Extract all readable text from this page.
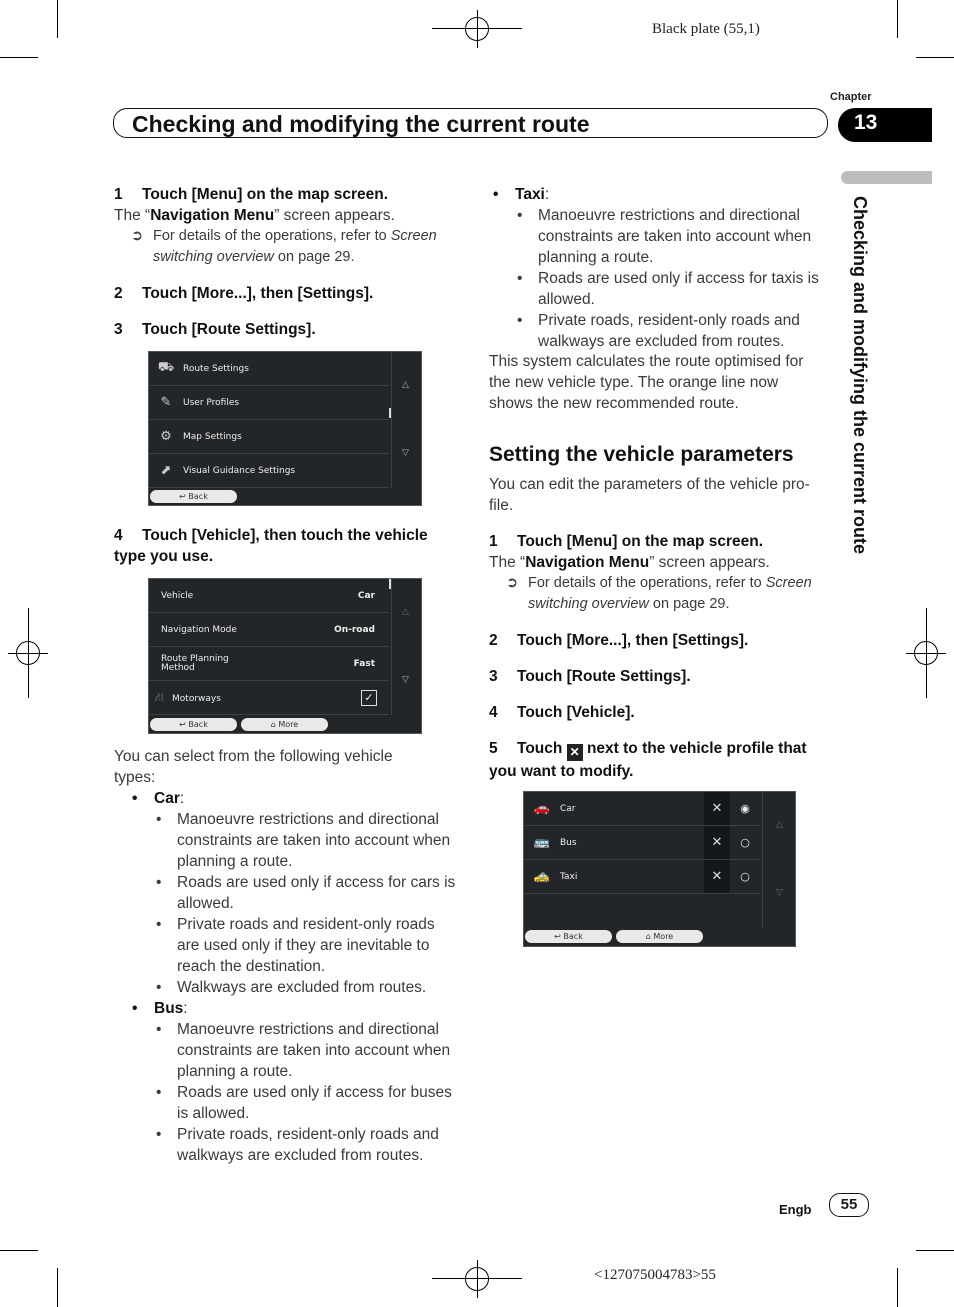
Black plate (55,1)
Chapter
Checking and modifying the current route	13
Checking and modifying the current route
1 Touch [Menu] on the map screen.
The “Navigation Menu” screen appears.
➲ For details of the operations, refer to Screen
switching overview on page 29.
2 Touch [More...], then [Settings].
3 Touch [Route Settings].
⛟ Route Settings
✎	User Profiles
⚙	Map Settings
⬈	Visual Guidance Settings
△
▽
↩ Back
4 Touch [Vehicle], then touch the vehicle
type you use.
Vehicle	Car
Navigation Mode	On-road
Route Planning
Method	Fast
⛙ Motorways	✓
△
▽
↩ Back	⌂ More
You can select from the following vehicle
types:
• Car:
• Manoeuvre restrictions and directional
constraints are taken into account when
planning a route.
• Roads are used only if access for cars is
allowed.
• Private roads and resident-only roads
are used only if they are inevitable to
reach the destination.
• Walkways are excluded from routes.
• Bus:
• Manoeuvre restrictions and directional
constraints are taken into account when
planning a route.
• Roads are used only if access for buses
is allowed.
• Private roads, resident-only roads and
walkways are excluded from routes.
• Taxi:
• Manoeuvre restrictions and directional
constraints are taken into account when
planning a route.
• Roads are used only if access for taxis is
allowed.
• Private roads, resident-only roads and
walkways are excluded from routes.
This system calculates the route optimised for
the new vehicle type. The orange line now
shows the new recommended route.
Setting the vehicle parameters
You can edit the parameters of the vehicle pro-
file.
1 Touch [Menu] on the map screen.
The “Navigation Menu” screen appears.
➲ For details of the operations, refer to Screen
switching overview on page 29.
2 Touch [More...], then [Settings].
3 Touch [Route Settings].
4 Touch [Vehicle].
5 Touch ✕ next to the vehicle profile that
you want to modify.
🚗	Car	✕	◉
🚌	Bus	✕	○
🚕	Taxi	✕	○
△
▽
↩ Back	⌂ More
Engb	55
<127075004783>55
